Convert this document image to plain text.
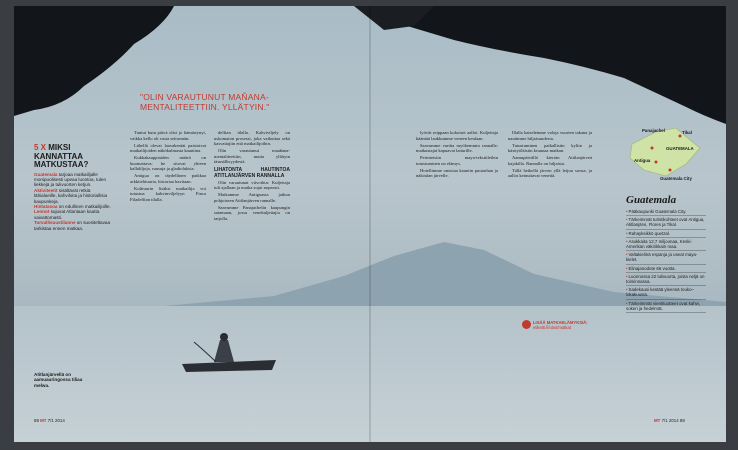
"OLIN VARAUTUNUT MAÑANA-MENTALITEETTIIN. YLLÄTYIN."
5 X MIKSI KANNATTAA MATKUSTAA?

Guatemala tarjoaa matkailijalle monipuolisesti upeaa luontoa, tulen liekkejä ja tulivuorten ketjun.

Aktiviteetit sisältävät retkiä lähialueille, kahviloita ja historiallisia kaupunkeja.

Hintatasoa on edullinen matkailijoille.

Lennot sujuvat Atlantaan kautta vaivattomasti.

Turvallisuustilanne on suositeltavaa tarkistaa ennen matkaa.

Atitlanjärvellä on aamuauringossa tiliaa melwa.
88 MT 7/1 2014	MT 7/1 2014 89

Tuntui kuin päivä olisi jo hämärtynyt, vaikka kello oli vasta seitsemän.

Lähellä olevat laavakentät paistoivat matkailijoiden näkökulmasta kauniina.

Kukkakauppiaiden määrä on huomattava; he sitovat yhteen kallaliljoja, ruusuja ja gladioluksia.

Antigua on täydellinen paikkaa arkkitehtuuria, historiaa havitaan.

Kulttuurin lisäksi matkailija voi tutustua kahvinviljelyyn Finca Filadelfian tilalla.

delfian tilalla. Kahviviljely on uskomaton prosessi, joka vaikuttaa sekä kasvattajiin että matkailijoihin.

Olin varautunut maañana-mentaliteettiin, mutta yllätyin täsmällisyydestä.

LIHATONTA HAUTINTOA ATITLANJÄRVEN RANNALLA

Olin varautunut viivoihin: Kuljettaja tuli ajallaan ja matka sujui nopeasti.

Matkamme Antiguasta jatkuu pohjoiseen Atitlanjärven rannalle.

Saavumme Panajachelin kaupungin satamaan, jossa venekuljettajia on tarjolla.

lyövät reippaan kokoiset aallot. Kuljettaja kääntää laukkumme veneen keulaan.

Saavumme varttia myöhemmin rannalle; matkustajat kapuavat laiturille.

Perinteisiin maya-tekstiileihin tutustuminen on elämys.

Hotellimme omistaa kauniin puutarhan ja näköalan järvelle.

Illalla katselemme valoja vuorten takana ja nautimme hiljaisuudesta.

Tutustuminen paikallisiin kyliin ja käsityöläisiin kruunaa matkan.

Aamupäivällä kierrän Atitlanjärveä kajakilla. Rannalla on hiljaista.

Tällä hetkellä järven yllä leijuu savua, ja aallot keinuttavat venettä.

LISÄÄ MATKAELÄMYKSIÄ:
etiketti.fi/ulos/matkat
Panajachel	Tikal
GUATEMALA
Antigua
Guatemala City
Guatemala
• Pääkaupunki Guatemala City.
• Tärkeimmät turistikohteet ovat Antigua, Atitlanjärvi, Flores ja Tikal.
• Rahayksikkö quetzal.
• Asukkaita 12,7 miljoonaa, Keski-Amerikan väkirikkain maa.
• Valtakielinä espanja ja useat maya-kielet.
• Elinajanodote 66 vuotta.
• Luonnossa 22 tulivuorta, joista neljä on toiminnassa.
• Sadekausi kestää yleensä touko–lokakuusta.
• Tärkeimmät vientituotteet ovat kahvi, sokeri ja hedelmät.
